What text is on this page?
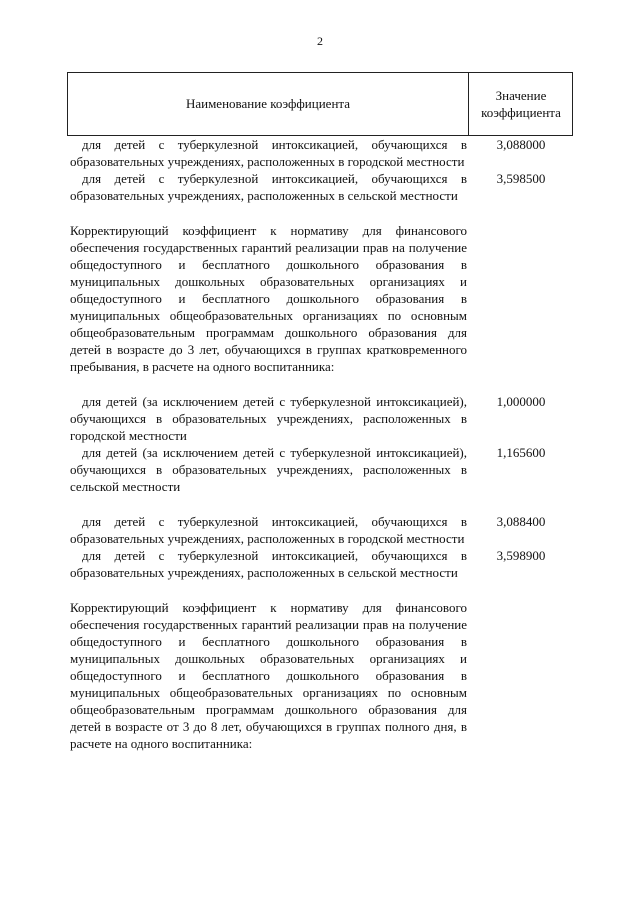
2
Наименование коэффициента
Значение
коэффициента
для детей с туберкулезной интоксикацией, обучающихся в образовательных учреждениях, расположенных в городской местности
3,088000
для детей с туберкулезной интоксикацией, обучающихся в образовательных учреждениях, расположенных в сельской местности
3,598500
Корректирующий коэффициент к нормативу для финансового обеспечения государственных гарантий реализации прав на получение общедоступного и бесплатного дошкольного образования в муниципальных дошкольных образовательных организациях и общедоступного и бесплатного дошкольного образования в муниципальных общеобразовательных организациях по основным общеобразовательным программам дошкольного образования для детей в возрасте до 3 лет, обучающихся в группах кратковременного пребывания, в расчете на одного воспитанника:
для детей (за исключением детей с туберкулезной интоксикацией), обучающихся в образовательных учреждениях, расположенных в городской местности
1,000000
для детей (за исключением детей с туберкулезной интоксикацией), обучающихся в образовательных учреждениях, расположенных в сельской местности
1,165600
для детей с туберкулезной интоксикацией, обучающихся в образовательных учреждениях, расположенных в городской местности
3,088400
для детей с туберкулезной интоксикацией, обучающихся в образовательных учреждениях, расположенных в сельской местности
3,598900
Корректирующий коэффициент к нормативу для финансового обеспечения государственных гарантий реализации прав на получение общедоступного и бесплатного дошкольного образования в муниципальных дошкольных образовательных организациях и общедоступного и бесплатного дошкольного образования в муниципальных общеобразовательных организациях по основным общеобразовательным программам дошкольного образования для детей в возрасте от 3 до 8 лет, обучающихся в группах полного дня, в расчете на одного воспитанника:
